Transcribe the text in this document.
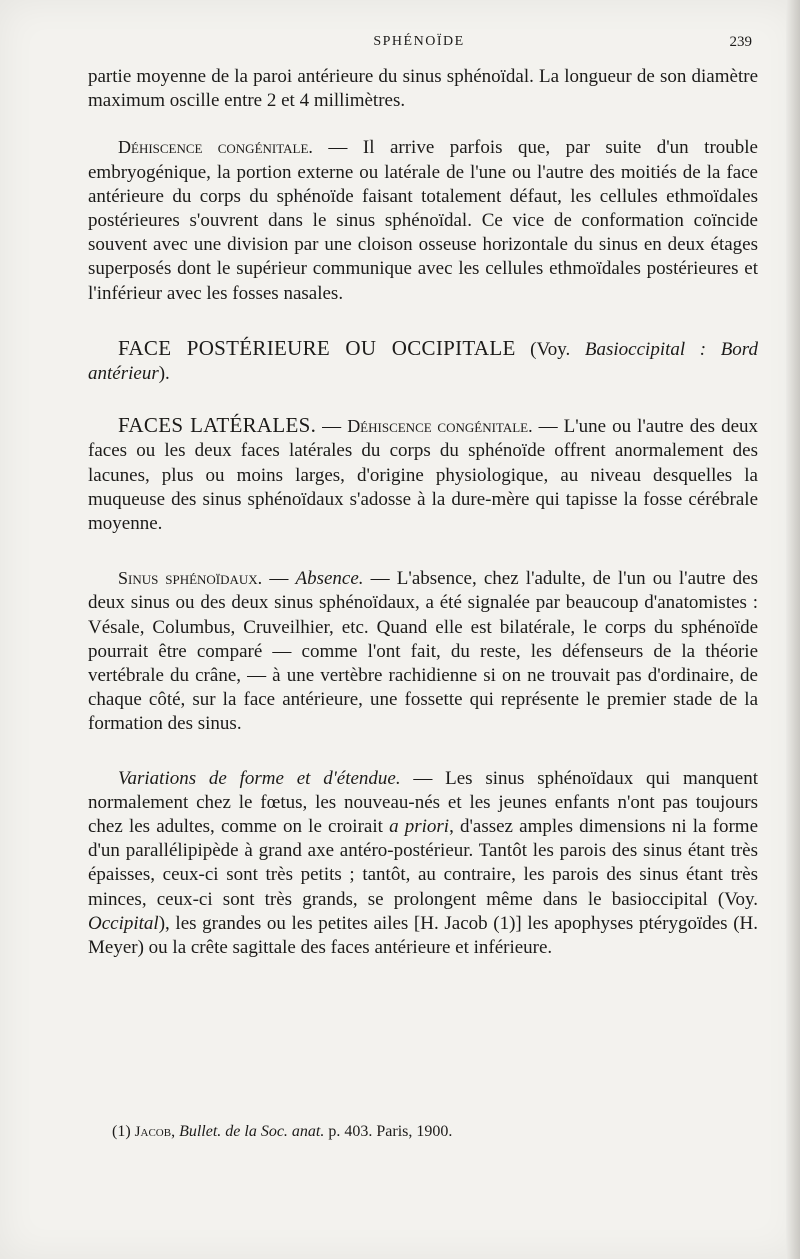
SPHÉNOÏDE	239

partie moyenne de la paroi antérieure du sinus sphénoïdal. La longueur de son diamètre maximum oscille entre 2 et 4 millimètres.

Déhiscence congénitale. — Il arrive parfois que, par suite d'un trouble embryogénique, la portion externe ou latérale de l'une ou l'autre des moitiés de la face antérieure du corps du sphénoïde faisant totalement défaut, les cellules ethmoïdales postérieures s'ouvrent dans le sinus sphénoïdal. Ce vice de conformation coïncide souvent avec une division par une cloison osseuse horizontale du sinus en deux étages superposés dont le supérieur communique avec les cellules ethmoïdales postérieures et l'inférieur avec les fosses nasales.

FACE POSTÉRIEURE OU OCCIPITALE (Voy. Basioccipital : Bord antérieur).

FACES LATÉRALES. — Déhiscence congénitale. — L'une ou l'autre des deux faces ou les deux faces latérales du corps du sphénoïde offrent anormalement des lacunes, plus ou moins larges, d'origine physiologique, au niveau desquelles la muqueuse des sinus sphénoïdaux s'adosse à la dure-mère qui tapisse la fosse cérébrale moyenne.

Sinus sphénoïdaux. — Absence. — L'absence, chez l'adulte, de l'un ou l'autre des deux sinus ou des deux sinus sphénoïdaux, a été signalée par beaucoup d'anatomistes : Vésale, Columbus, Cruveilhier, etc. Quand elle est bilatérale, le corps du sphénoïde pourrait être comparé — comme l'ont fait, du reste, les défenseurs de la théorie vertébrale du crâne, — à une vertèbre rachidienne si on ne trouvait pas d'ordinaire, de chaque côté, sur la face antérieure, une fossette qui représente le premier stade de la formation des sinus.

Variations de forme et d'étendue. — Les sinus sphénoïdaux qui manquent normalement chez le fœtus, les nouveau-nés et les jeunes enfants n'ont pas toujours chez les adultes, comme on le croirait a priori, d'assez amples dimensions ni la forme d'un parallélipipède à grand axe antéro-postérieur. Tantôt les parois des sinus étant très épaisses, ceux-ci sont très petits ; tantôt, au contraire, les parois des sinus étant très minces, ceux-ci sont très grands, se prolongent même dans le basioccipital (Voy. Occipital), les grandes ou les petites ailes [H. Jacob (1)] les apophyses ptérygoïdes (H. Meyer) ou la crête sagittale des faces antérieure et inférieure.

(1) Jacob, Bullet. de la Soc. anat. p. 403. Paris, 1900.
